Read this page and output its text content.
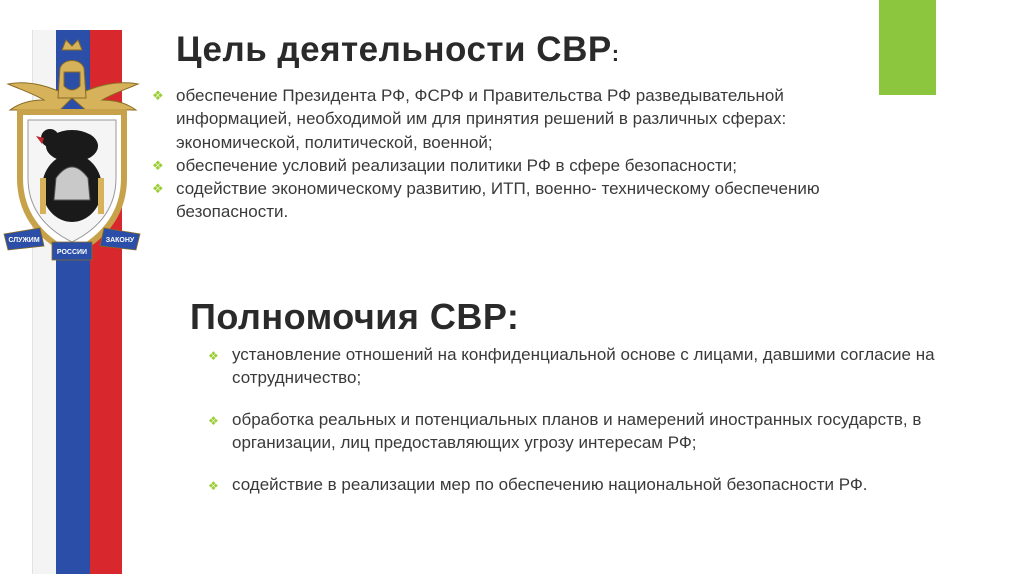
СЛУЖИМ
РОССИИ
ЗАКОНУ
Цель деятельности СВР:
❖ обеспечение Президента РФ, ФСРФ и Правительства РФ разведывательной информацией, необходимой им для принятия решений в различных сферах: экономической, политической, военной;
❖ обеспечение условий реализации политики РФ в сфере безопасности;
❖ содействие экономическому развитию, ИТП, военно- техническому обеспечению безопасности.
Полномочия СВР:
❖ установление отношений на конфиденциальной основе с лицами, давшими согласие на сотрудничество;
❖ обработка реальных и потенциальных планов и намерений иностранных государств, в организации, лиц предоставляющих угрозу интересам РФ;
❖ содействие в реализации мер по обеспечению национальной безопасности РФ.
